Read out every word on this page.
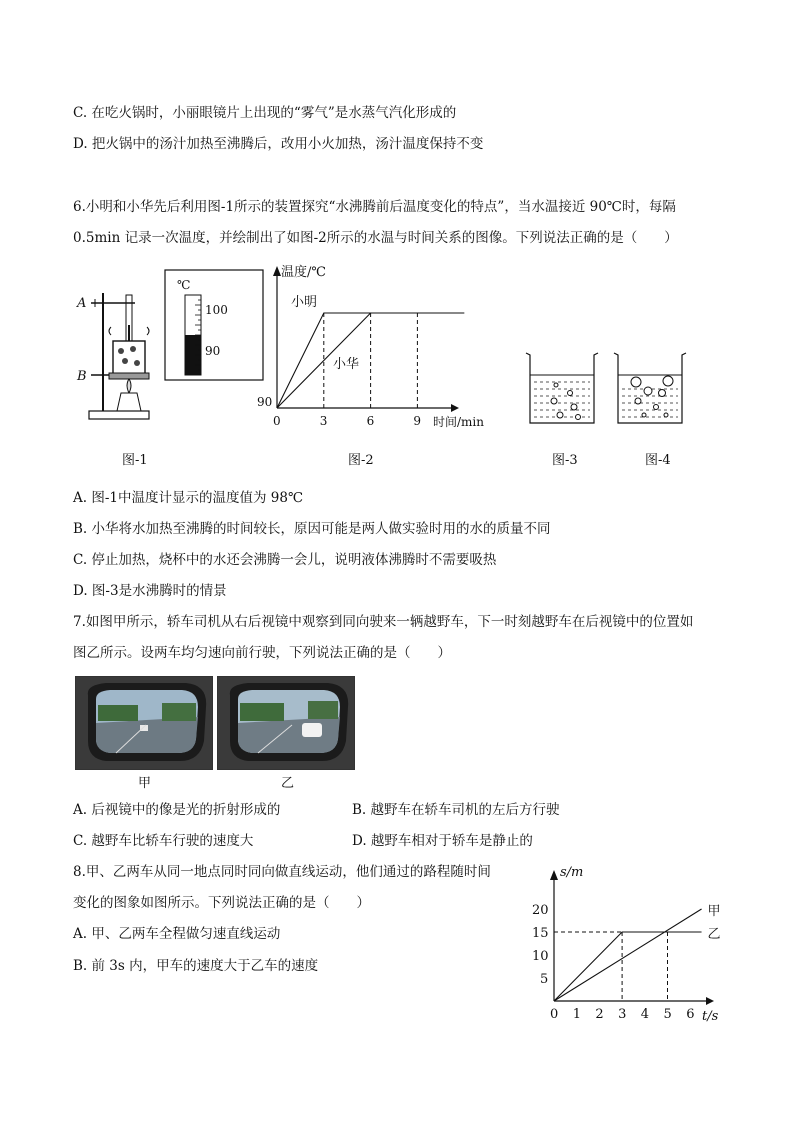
C. 在吃火锅时，小丽眼镜片上出现的“雾气”是水蒸气汽化形成的
D. 把火锅中的汤汁加热至沸腾后，改用小火加热，汤汁温度保持不变
6.小明和小华先后利用图-1所示的装置探究“水沸腾前后温度变化的特点”，当水温接近 90℃时，每隔
0.5min 记录一次温度，并绘制出了如图-2所示的水温与时间关系的图像。下列说法正确的是（　　）
A
B
℃
100
90
图-1
温度/℃
时间/min
0	3	6	9
90
小明
小华
图-2	图-3	图-4
A. 图-1中温度计显示的温度值为 98℃
B. 小华将水加热至沸腾的时间较长，原因可能是两人做实验时用的水的质量不同
C. 停止加热，烧杯中的水还会沸腾一会儿，说明液体沸腾时不需要吸热
D. 图-3是水沸腾时的情景
7.如图甲所示，轿车司机从右后视镜中观察到同向驶来一辆越野车，下一时刻越野车在后视镜中的位置如
图乙所示。设两车均匀速向前行驶，下列说法正确的是（　　）
甲	乙
A. 后视镜中的像是光的折射形成的	B. 越野车在轿车司机的左后方行驶
C. 越野车比轿车行驶的速度大	D. 越野车相对于轿车是静止的
8.甲、乙两车从同一地点同时同向做直线运动，他们通过的路程随时间
变化的图象如图所示。下列说法正确的是（　　）
A. 甲、乙两车全程做匀速直线运动
B. 前 3s 内，甲车的速度大于乙车的速度
s/m
t/s
0 1 2 3 4 5 6
5
10
15
20	甲
乙
